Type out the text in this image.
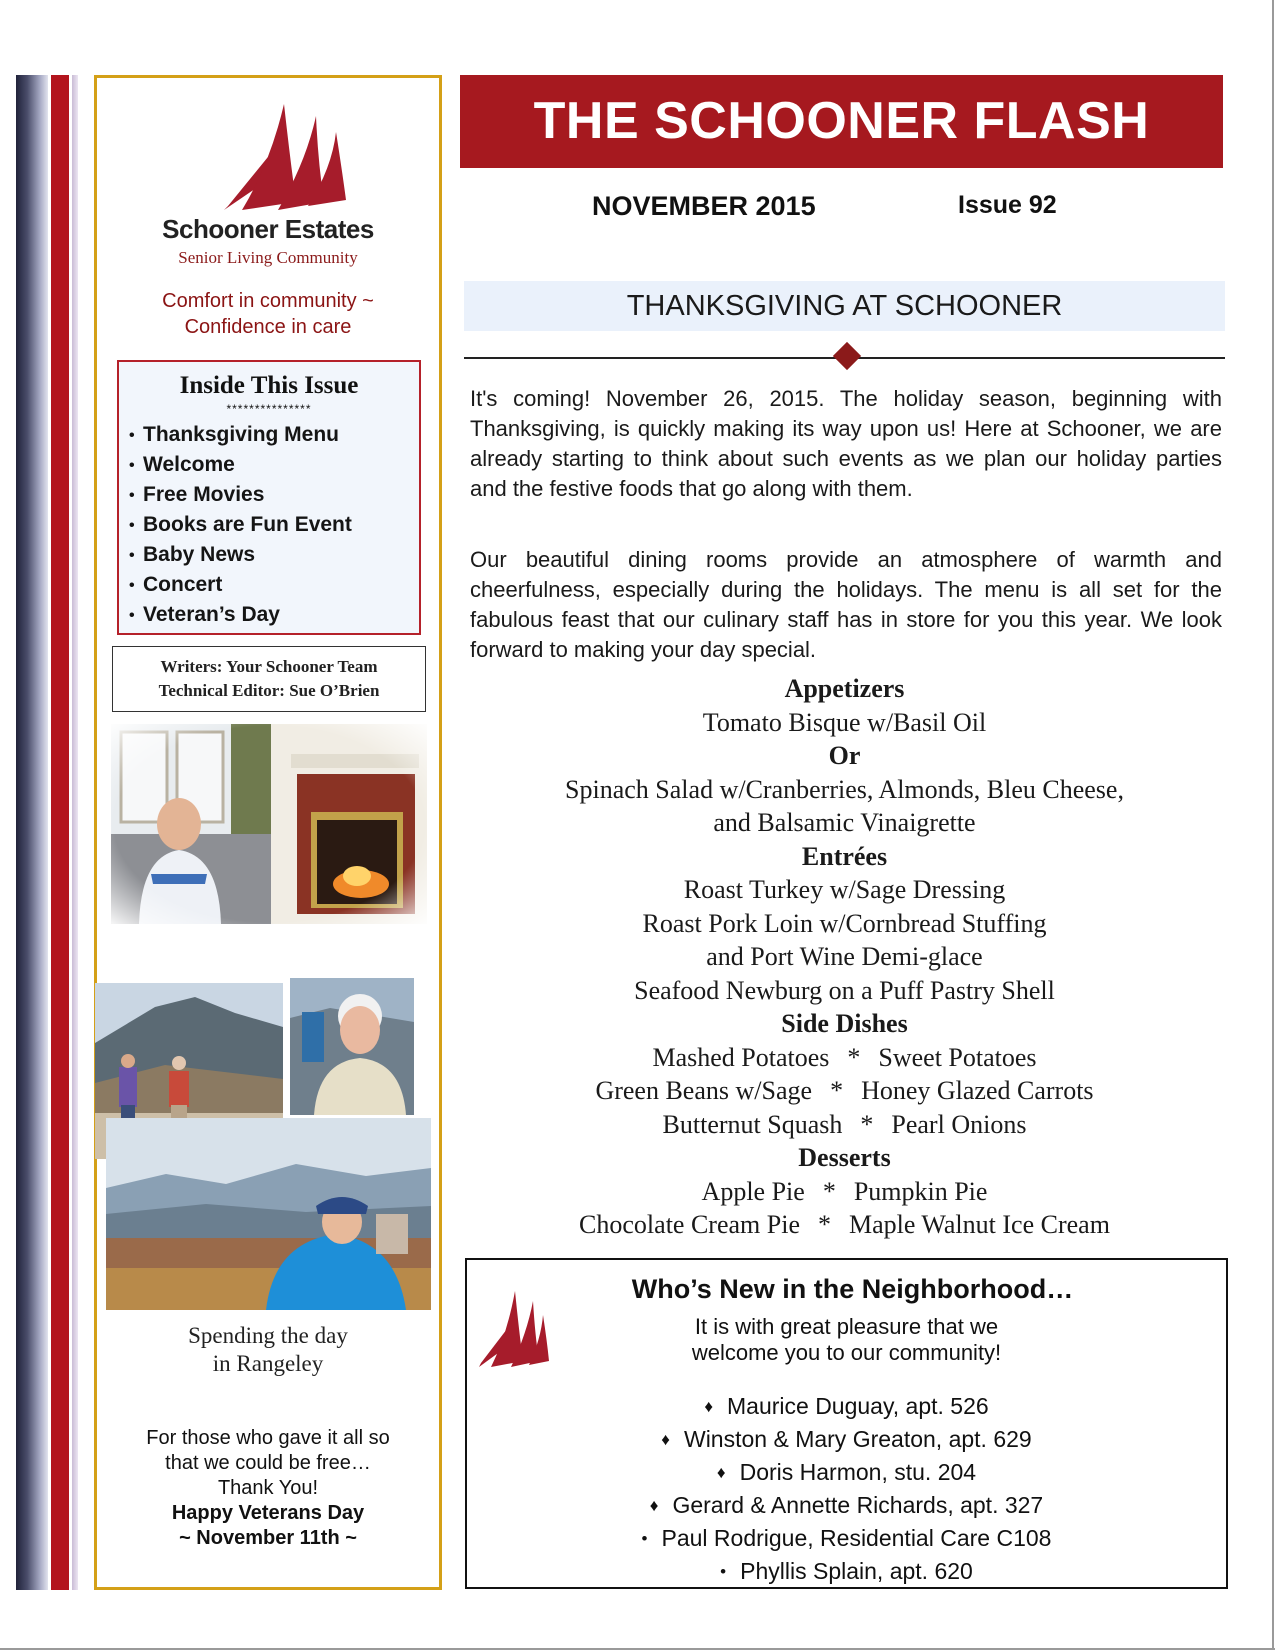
Schooner Estates
Senior Living Community
Comfort in community ~
Confidence in care
Inside This Issue
***************
• Thanksgiving Menu
• Welcome
• Free Movies
• Books are Fun Event
• Baby News
• Concert
• Veteran’s Day
Writers: Your Schooner Team
Technical Editor: Sue O’Brien
Spending the day
in Rangeley
For those who gave it all so
that we could be free…
Thank You!
Happy Veterans Day
~ November 11th ~
THE SCHOONER FLASH
NOVEMBER 2015	Issue 92
THANKSGIVING AT SCHOONER
It's coming! November 26, 2015. The holiday season, beginning with Thanksgiving, is quickly making its way upon us! Here at Schooner, we are already starting to think about such events as we plan our holiday parties and the festive foods that go along with them.
Our beautiful dining rooms provide an atmosphere of warmth and cheerfulness, especially during the holidays. The menu is all set for the fabulous feast that our culinary staff has in store for you this year. We look forward to making your day special.
Appetizers
Tomato Bisque w/Basil Oil
Or
Spinach Salad w/Cranberries, Almonds, Bleu Cheese,
and Balsamic Vinaigrette
Entrées
Roast Turkey w/Sage Dressing
Roast Pork Loin w/Cornbread Stuffing
and Port Wine Demi-glace
Seafood Newburg on a Puff Pastry Shell
Side Dishes
Mashed Potatoes * Sweet Potatoes
Green Beans w/Sage * Honey Glazed Carrots
Butternut Squash * Pearl Onions
Desserts
Apple Pie * Pumpkin Pie
Chocolate Cream Pie * Maple Walnut Ice Cream
Who’s New in the Neighborhood…
It is with great pleasure that we
welcome you to our community!
♦ Maurice Duguay, apt. 526
♦ Winston & Mary Greaton, apt. 629
♦ Doris Harmon, stu. 204
♦ Gerard & Annette Richards, apt. 327
• Paul Rodrigue, Residential Care C108
• Phyllis Splain, apt. 620
